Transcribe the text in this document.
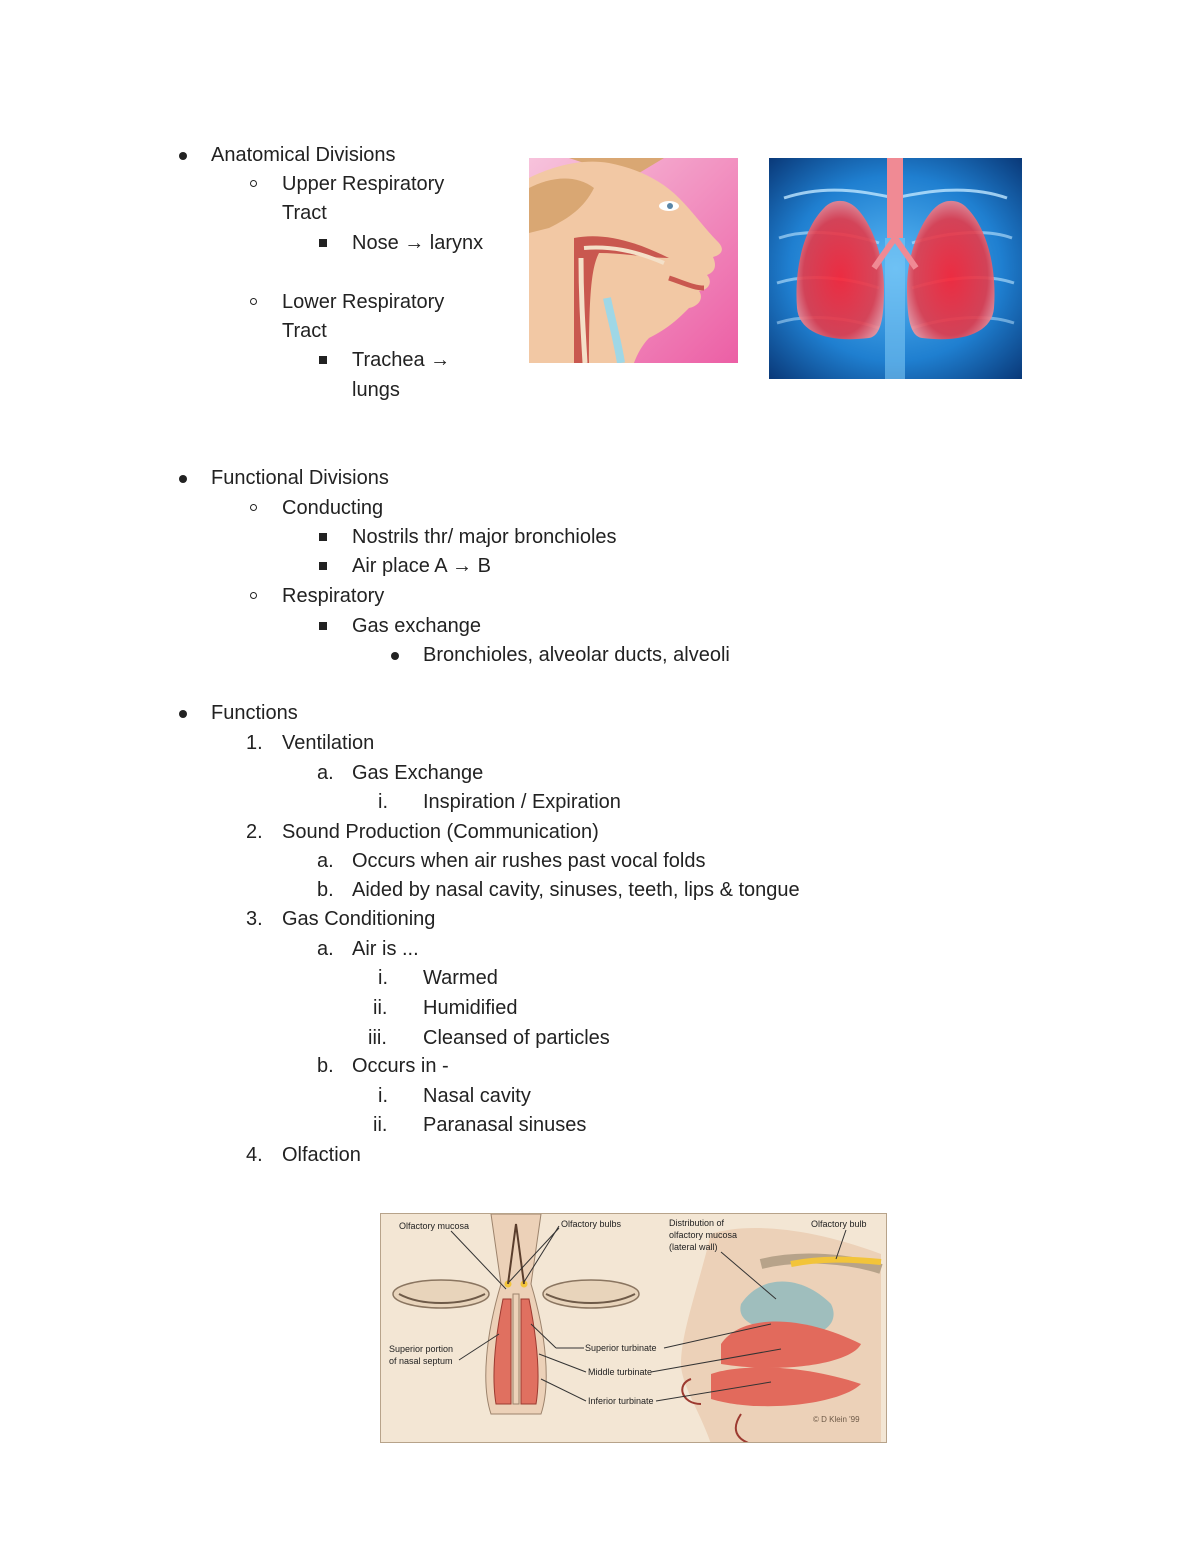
Anatomical Divisions
Upper Respiratory
Tract
Nose → larynx
Lower Respiratory
Tract
Trachea →
lungs
Functional Divisions
Conducting
Nostrils thr/ major bronchioles
Air place A → B
Respiratory
Gas exchange
Bronchioles, alveolar ducts, alveoli
Functions
1. Ventilation
a. Gas Exchange
i. Inspiration / Expiration
2. Sound Production (Communication)
a. Occurs when air rushes past vocal folds
b. Aided by nasal cavity, sinuses, teeth, lips & tongue
3. Gas Conditioning
a. Air is ...
i. Warmed
ii. Humidified
iii. Cleansed of particles
b. Occurs in -
i. Nasal cavity
ii. Paranasal sinuses
4. Olfaction
Olfactory mucosa	Olfactory bulbs	Distribution of
olfactory mucosa
(lateral wall)
Olfactory bulb
Superior portion
of nasal septum
Superior turbinate
Middle turbinate
Inferior turbinate
© D Klein '99
